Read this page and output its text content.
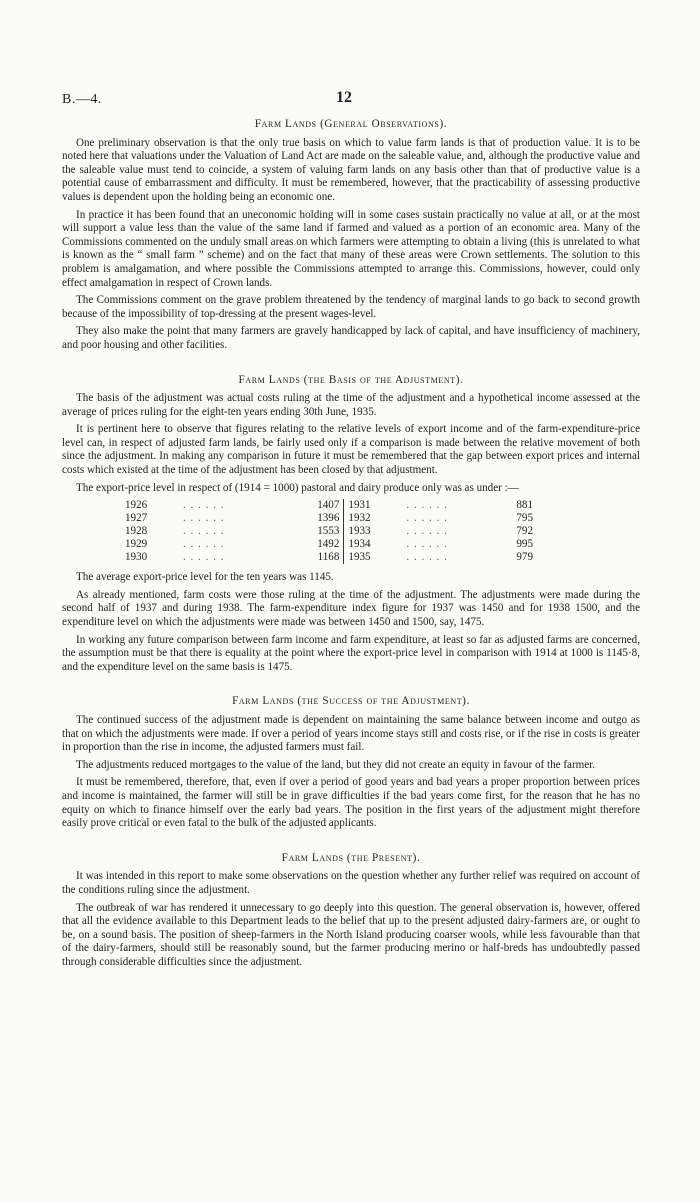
B.—4.	12
Farm Lands (General Observations).

One preliminary observation is that the only true basis on which to value farm lands is that of production value. It is to be noted here that valuations under the Valuation of Land Act are made on the saleable value, and, although the productive value and the saleable value must tend to coincide, a system of valuing farm lands on any basis other than that of productive value is a potential cause of embarrassment and difficulty. It must be remembered, however, that the practicability of assessing productive values is dependent upon the holding being an economic one.

In practice it has been found that an uneconomic holding will in some cases sustain practically no value at all, or at the most will support a value less than the value of the same land if farmed and valued as a portion of an economic area. Many of the Commissions commented on the unduly small areas on which farmers were attempting to obtain a living (this is unrelated to what is known as the “ small farm ” scheme) and on the fact that many of these areas were Crown settlements. The solution to this problem is amalgamation, and where possible the Commissions attempted to arrange this. Commissions, however, could only effect amalgamation in respect of Crown lands.

The Commissions comment on the grave problem threatened by the tendency of marginal lands to go back to second growth because of the impossibility of top-dressing at the present wages-level.

They also make the point that many farmers are gravely handicapped by lack of capital, and have insufficiency of machinery, and poor housing and other facilities.

Farm Lands (the Basis of the Adjustment).

The basis of the adjustment was actual costs ruling at the time of the adjustment and a hypothetical income assessed at the average of prices ruling for the eight-ten years ending 30th June, 1935.

It is pertinent here to observe that figures relating to the relative levels of export income and of the farm-expenditure-price level can, in respect of adjusted farm lands, be fairly used only if a comparison is made between the relative movement of both since the adjustment. In making any comparison in future it must be remembered that the gap between export prices and internal costs which existed at the time of the adjustment has been closed by that adjustment.

The export-price level in respect of (1914 = 1000) pastoral and dairy produce only was as under :—

1926	. . . . . .	1407
1927	. . . . . .	1396
1928	. . . . . .	1553
1929	. . . . . .	1492
1930	. . . . . .	1168
1931	. . . . . .	881
1932	. . . . . .	795
1933	. . . . . .	792
1934	. . . . . .	995
1935	. . . . . .	979

The average export-price level for the ten years was 1145.

As already mentioned, farm costs were those ruling at the time of the adjustment. The adjustments were made during the second half of 1937 and during 1938. The farm-expenditure index figure for 1937 was 1450 and for 1938 1500, and the expenditure level on which the adjustments were made was between 1450 and 1500, say, 1475.

In working any future comparison between farm income and farm expenditure, at least so far as adjusted farms are concerned, the assumption must be that there is equality at the point where the export-price level in comparison with 1914 at 1000 is 1145·8, and the expenditure level on the same basis is 1475.

Farm Lands (the Success of the Adjustment).

The continued success of the adjustment made is dependent on maintaining the same balance between income and outgo as that on which the adjustments were made. If over a period of years income stays still and costs rise, or if the rise in costs is greater in proportion than the rise in income, the adjusted farmers must fail.

The adjustments reduced mortgages to the value of the land, but they did not create an equity in favour of the farmer.

It must be remembered, therefore, that, even if over a period of good years and bad years a proper proportion between prices and income is maintained, the farmer will still be in grave difficulties if the bad years come first, for the reason that he has no equity on which to finance himself over the early bad years. The position in the first years of the adjustment might therefore easily prove critical or even fatal to the bulk of the adjusted applicants.

Farm Lands (the Present).

It was intended in this report to make some observations on the question whether any further relief was required on account of the conditions ruling since the adjustment.

The outbreak of war has rendered it unnecessary to go deeply into this question. The general observation is, however, offered that all the evidence available to this Department leads to the belief that up to the present adjusted dairy-farmers are, or ought to be, on a sound basis. The position of sheep-farmers in the North Island producing coarser wools, while less favourable than that of the dairy-farmers, should still be reasonably sound, but the farmer producing merino or half-breds has undoubtedly passed through considerable difficulties since the adjustment.
